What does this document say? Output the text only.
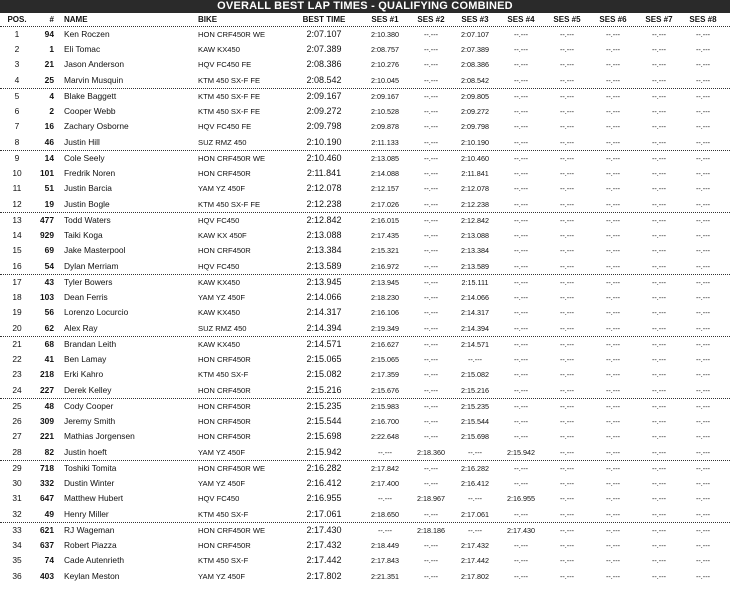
OVERALL BEST LAP TIMES - QUALIFYING COMBINED
POS.	# NAME	BIKE	BEST TIME	SES #1	SES #2	SES #3	SES #4	SES #5	SES #6	SES #7	SES #8
1	94 Ken Roczen	HON CRF450R WE	2:07.107	2:10.380	--.---	2:07.107	--.---	--.---	--.---	--.---	--.---
2	1 Eli Tomac	KAW KX450	2:07.389	2:08.757	--.---	2:07.389	--.---	--.---	--.---	--.---	--.---
3	21 Jason Anderson	HQV FC450 FE	2:08.386	2:10.276	--.---	2:08.386	--.---	--.---	--.---	--.---	--.---
4	25 Marvin Musquin	KTM 450 SX-F FE	2:08.542	2:10.045	--.---	2:08.542	--.---	--.---	--.---	--.---	--.---
5	4 Blake Baggett	KTM 450 SX-F FE	2:09.167	2:09.167	--.---	2:09.805	--.---	--.---	--.---	--.---	--.---
6	2 Cooper Webb	KTM 450 SX-F FE	2:09.272	2:10.528	--.---	2:09.272	--.---	--.---	--.---	--.---	--.---
7	16 Zachary Osborne	HQV FC450 FE	2:09.798	2:09.878	--.---	2:09.798	--.---	--.---	--.---	--.---	--.---
8	46 Justin Hill	SUZ RMZ 450	2:10.190	2:11.133	--.---	2:10.190	--.---	--.---	--.---	--.---	--.---
9	14 Cole Seely	HON CRF450R WE	2:10.460	2:13.085	--.---	2:10.460	--.---	--.---	--.---	--.---	--.---
10	101 Fredrik Noren	HON CRF450R	2:11.841	2:14.088	--.---	2:11.841	--.---	--.---	--.---	--.---	--.---
11	51 Justin Barcia	YAM YZ 450F	2:12.078	2:12.157	--.---	2:12.078	--.---	--.---	--.---	--.---	--.---
12	19 Justin Bogle	KTM 450 SX-F FE	2:12.238	2:17.026	--.---	2:12.238	--.---	--.---	--.---	--.---	--.---
13	477 Todd Waters	HQV FC450	2:12.842	2:16.015	--.---	2:12.842	--.---	--.---	--.---	--.---	--.---
14	929 Taiki Koga	KAW KX 450F	2:13.088	2:17.435	--.---	2:13.088	--.---	--.---	--.---	--.---	--.---
15	69 Jake Masterpool	HON CRF450R	2:13.384	2:15.321	--.---	2:13.384	--.---	--.---	--.---	--.---	--.---
16	54 Dylan Merriam	HQV FC450	2:13.589	2:16.972	--.---	2:13.589	--.---	--.---	--.---	--.---	--.---
17	43 Tyler Bowers	KAW KX450	2:13.945	2:13.945	--.---	2:15.111	--.---	--.---	--.---	--.---	--.---
18	103 Dean Ferris	YAM YZ 450F	2:14.066	2:18.230	--.---	2:14.066	--.---	--.---	--.---	--.---	--.---
19	56 Lorenzo Locurcio	KAW KX450	2:14.317	2:16.106	--.---	2:14.317	--.---	--.---	--.---	--.---	--.---
20	62 Alex Ray	SUZ RMZ 450	2:14.394	2:19.349	--.---	2:14.394	--.---	--.---	--.---	--.---	--.---
21	68 Brandan Leith	KAW KX450	2:14.571	2:16.627	--.---	2:14.571	--.---	--.---	--.---	--.---	--.---
22	41 Ben Lamay	HON CRF450R	2:15.065	2:15.065	--.---	--.---	--.---	--.---	--.---	--.---	--.---
23	218 Erki Kahro	KTM 450 SX-F	2:15.082	2:17.359	--.---	2:15.082	--.---	--.---	--.---	--.---	--.---
24	227 Derek Kelley	HON CRF450R	2:15.216	2:15.676	--.---	2:15.216	--.---	--.---	--.---	--.---	--.---
25	48 Cody Cooper	HON CRF450R	2:15.235	2:15.983	--.---	2:15.235	--.---	--.---	--.---	--.---	--.---
26	309 Jeremy Smith	HON CRF450R	2:15.544	2:16.700	--.---	2:15.544	--.---	--.---	--.---	--.---	--.---
27	221 Mathias Jorgensen	HON CRF450R	2:15.698	2:22.648	--.---	2:15.698	--.---	--.---	--.---	--.---	--.---
28	82 Justin hoeft	YAM YZ 450F	2:15.942	--.---	2:18.360	--.---	2:15.942	--.---	--.---	--.---	--.---
29	718 Toshiki Tomita	HON CRF450R WE	2:16.282	2:17.842	--.---	2:16.282	--.---	--.---	--.---	--.---	--.---
30	332 Dustin Winter	YAM YZ 450F	2:16.412	2:17.400	--.---	2:16.412	--.---	--.---	--.---	--.---	--.---
31	647 Matthew Hubert	HQV FC450	2:16.955	--.---	2:18.967	--.---	2:16.955	--.---	--.---	--.---	--.---
32	49 Henry Miller	KTM 450 SX-F	2:17.061	2:18.650	--.---	2:17.061	--.---	--.---	--.---	--.---	--.---
33	621 RJ Wageman	HON CRF450R WE	2:17.430	--.---	2:18.186	--.---	2:17.430	--.---	--.---	--.---	--.---
34	637 Robert Piazza	HON CRF450R	2:17.432	2:18.449	--.---	2:17.432	--.---	--.---	--.---	--.---	--.---
35	74 Cade Autenrieth	KTM 450 SX-F	2:17.442	2:17.843	--.---	2:17.442	--.---	--.---	--.---	--.---	--.---
36	403 Keylan Meston	YAM YZ 450F	2:17.802	2:21.351	--.---	2:17.802	--.---	--.---	--.---	--.---	--.---
